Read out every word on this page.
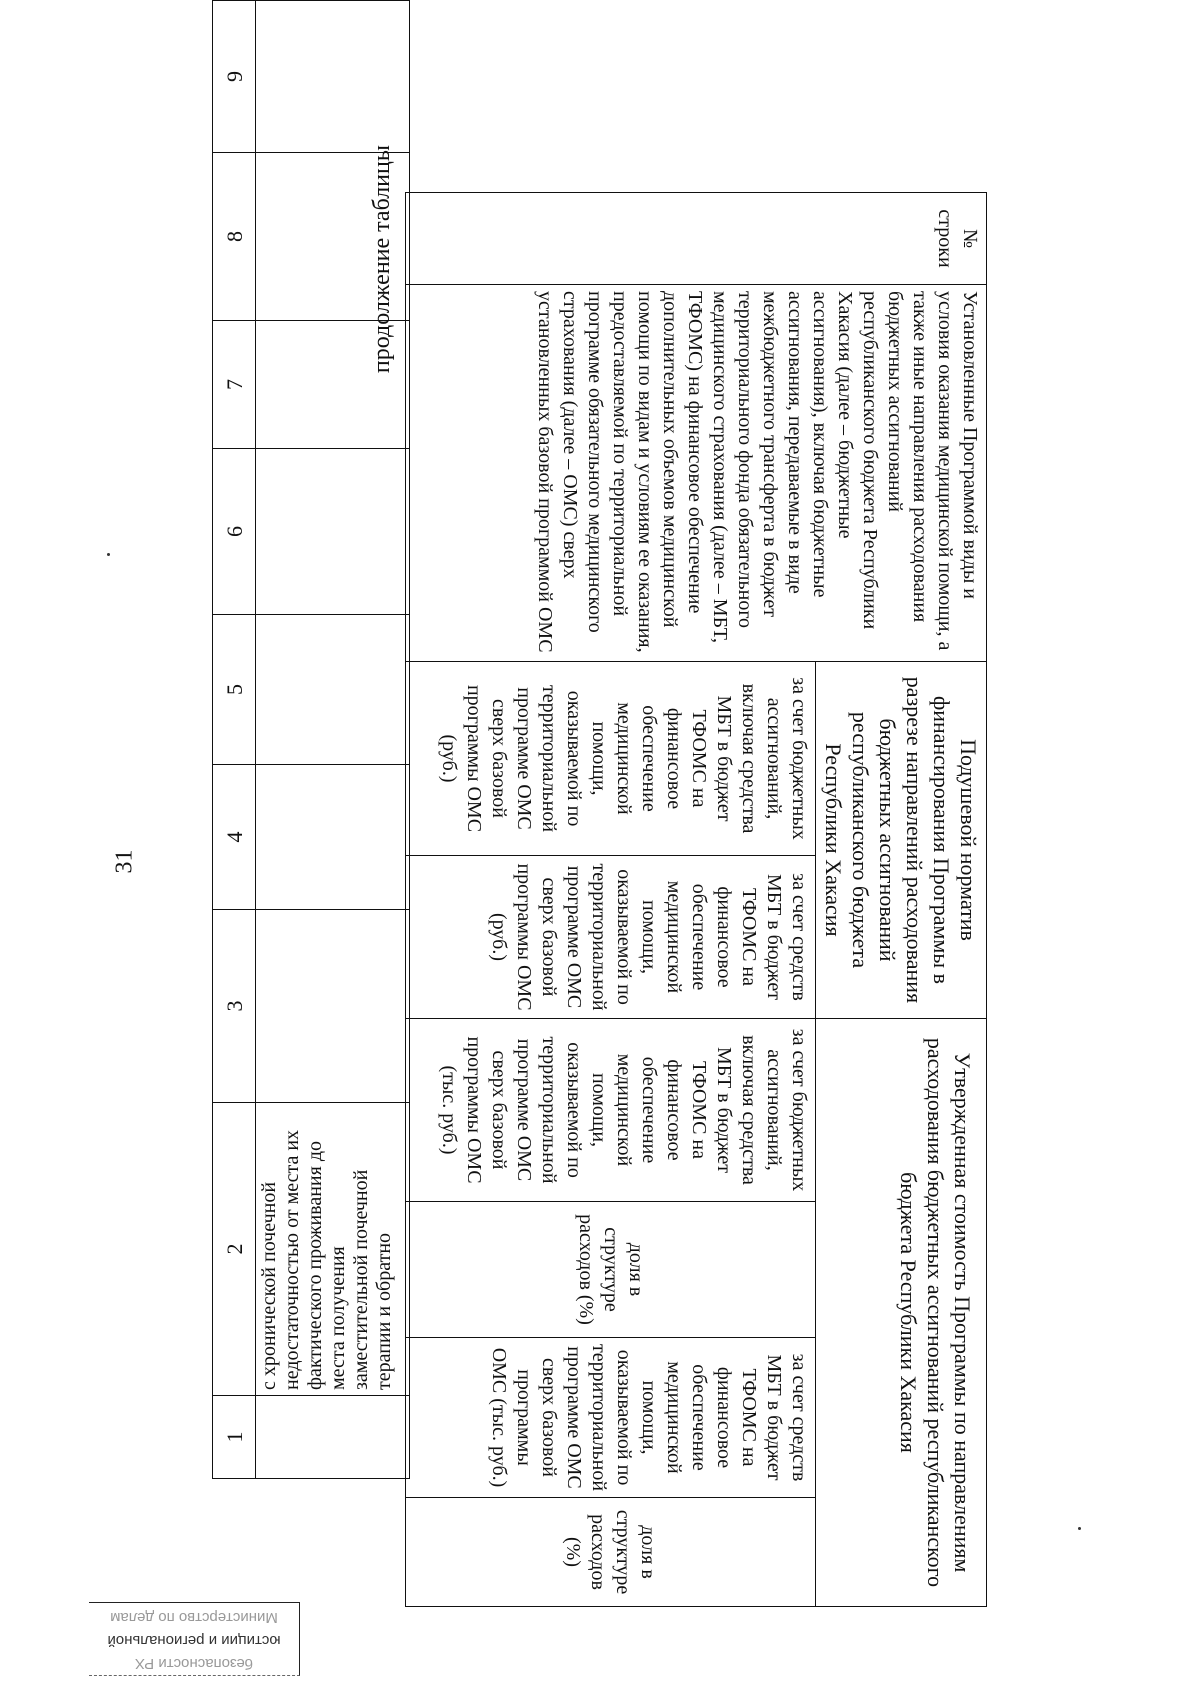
31
1	2	3	4	5	6	7	8	9
	с хронической почечной недостаточностью от места их фактического проживания до места получения заместительной почечной терапии и обратно							
продолжение таблицы	№ строки	Установленные Программой виды и условия оказания медицинской помощи, а также иные направления расходования бюджетных ассигнований республиканского бюджета Республики Хакасия (далее – бюджетные ассигнования), включая бюджетные ассигнования, передаваемые в виде межбюджетного трансферта в бюджет территориального фонда обязательного медицинского страхования (далее – МБТ, ТФОМС) на финансовое обеспечение дополнительных объемов медицинской помощи по видам и условиям ее оказания, предоставляемой по территориальной программе обязательного медицинского страхования (далее – ОМС) сверх установленных базовой программой ОМС	Подушевой норматив финансирования Программы в разрезе направлений расходования бюджетных ассигнований республиканского бюджета Республики Хакасия		Утвержденная стоимость Программы по направлениям расходования бюджетных ассигнований республиканского бюджета Республики Хакасия			
		за счет бюджетных ассигнований, включая средства МБТ в бюджет ТФОМС на финансовое обеспечение медицинской помощи, оказываемой по территориальной программе ОМС сверх базовой программы ОМС (руб.)	за счет средств МБТ в бюджет ТФОМС на финансовое обеспечение медицинской помощи, оказываемой по территориальной программе ОМС сверх базовой программы ОМС (руб.)	за счет бюджетных ассигнований, включая средства МБТ в бюджет ТФОМС на финансовое обеспечение медицинской помощи, оказываемой по территориальной программе ОМС сверх базовой программы ОМС (тыс. руб.)	доля в структуре расходов (%)	за счет средств МБТ в бюджет ТФОМС на финансовое обеспечение медицинской помощи, оказываемой по территориальной программе ОМС сверх базовой программы ОМС (тыс. руб.)	доля в структуре расходов (%)
безопасности РХ
юстиции и региональной
Министерство по делам
